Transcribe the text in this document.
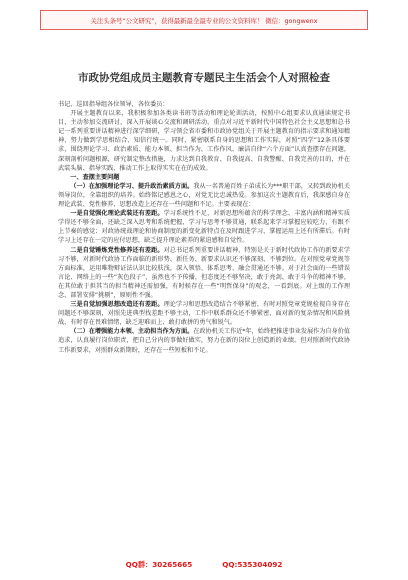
关注头条号“公文研究”，获得最新最全最专业的公文资料库！ 微信：gongwenx
市政协党组成员主题教育专题民主生活会个人对照检查

书记、巡回指导组各位领导，各位委员：

开展主题教育以来，我积极参加各类读书班等活动和理论轮训活动，按照中心组要求认真通读规定书目，主动参加交流研讨，深入开展谈心交流和调研活动，重点对习近平新时代中国特色社会主义思想和总书记一系列重要讲话精神进行深学细研，学习领会省市委和市政协党组关于开展主题教育的指示要求和通知精神，努力做到学思相结合、知信行统一。同时，紧密联系自身的思想和工作实际，对照“四学”12条具体要求，围绕理论学习、政治素质、能力本领、担当作为、工作作风、廉洁自律“六个方面”认真查摆存在问题，深刻剖析问题根源，研究制定整改措施，力求达到自我教育、自我提高、自我警醒、自我完善的目的，并在武装头脑、指导实践、推动工作上取得实实在在的成效。

一、查摆主要问题

（一）在加强理论学习、提升政治素质方面。我从一名普通百姓子弟成长为***职干部，又转到政协机关领导岗位，全靠组织的培养。始终铭记感恩之心，对党无比忠诚热爱。参加这次主题教育后，我深感自身在理论武装、党性修养、思想改造上还存在一些问题和不足。主要表现在：

一是自觉强化理论武装还有差距。学习系统性不足，对新思想所蕴含的科学理念、丰富内涵和精神实质学得还不够全面，还缺乏深入思考和系统把握，学习与思考不够贯通，联系起来学习掌握应较吃力，有跟不上节奏的感觉；对政协统战理论和协商制度的新变化新特点在及时跟进学习、掌握运用上还有所滞后。有时学习上还存在一定的应付思想，缺乏提升理论素养的紧迫感和自觉性。

二是自觉锤炼党性修养还有差距。对总书记系列重要讲话精神，特别是关于新时代政协工作的新要求学习不够，对新时代政协工作面临的新形势、新任务、新要求认识还不够深刻、不够到位。在对照党章党规等方面标准，运用唯物辩证法认识比较肤浅，深入领悟、体系思考、融会贯通还不够。对于社会面的一些错误言论、网络上的一些“灰色段子”，虽然也不予传播，但态度还不够坚决，敢于亮剑、敢于斗争的精神不够，在其位敢于担其当的担当精神还需加强，有时候存在一些“明哲保身”的观念，一看到底。对上级的工作理念、部署安排“挑剔”，原则性不强。

三是自觉加强思想改造还有差距。理论学习和思想改造结合不够紧密，有时对照党章党规检视自身存在问题还不够深刻，对照先进典型找差距不够主动，工作中联系群众还不够紧密，面对新的复杂情况和风险挑战，有时存在畏难情绪，缺乏迎难而上、敢打敢拼的勇气和锐气。

（二）在增强能力本领、主动担当作为方面。在政协机关工作近*年，始终把推进事业发展作为自身价值追求，认真履行岗位职责，把自己分内的事做好做实，努力在新的岗位上创造新的业绩。但对照新时代政协工作新要求，对照群众新期盼，还存在一些短板和不足。

QQ群：30265665	QQ:535304092
